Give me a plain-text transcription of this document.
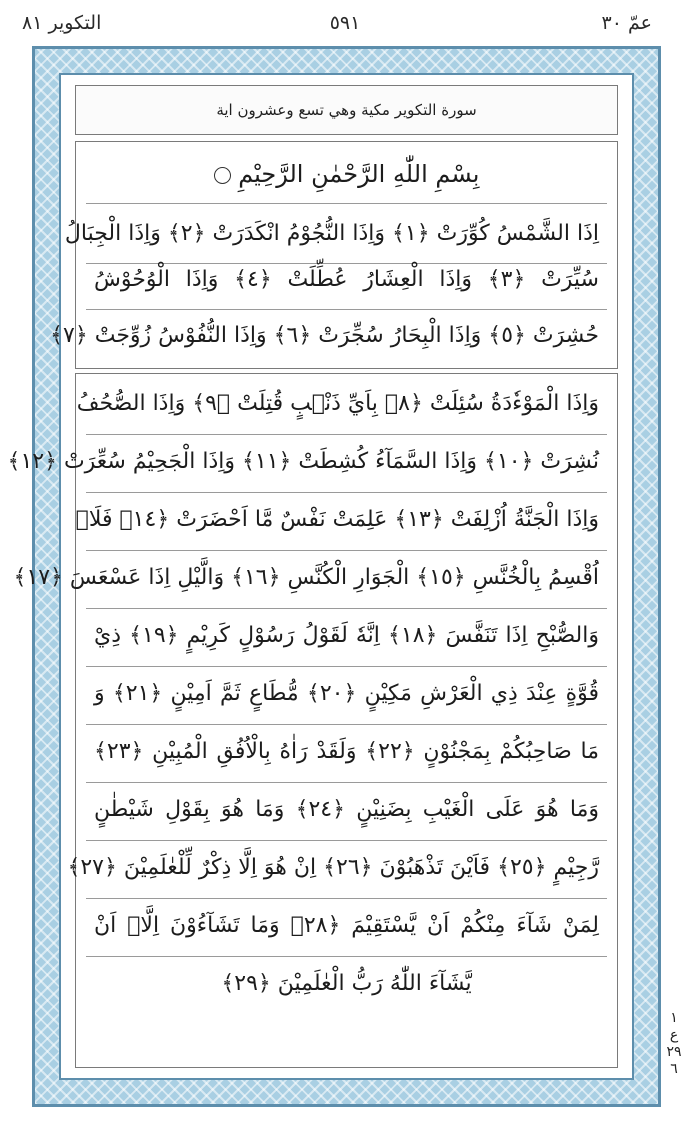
عمّ ٣٠
٥٩١
التكوير ٨١
سورة التكوير مكية وهي تسع وعشرون اية
بِسْمِ اللّٰهِ الرَّحْمٰنِ الرَّحِيْمِ
اِذَا الشَّمْسُ كُوِّرَتْ ﴿١﴾ وَاِذَا النُّجُوْمُ انْكَدَرَتْ ﴿٢﴾ وَاِذَا الْجِبَالُ
سُيِّرَتْ ﴿٣﴾ وَاِذَا الْعِشَارُ عُطِّلَتْ ﴿٤﴾ وَاِذَا الْوُحُوْشُ
حُشِرَتْ ﴿٥﴾ وَاِذَا الْبِحَارُ سُجِّرَتْ ﴿٦﴾ وَاِذَا النُّفُوْسُ زُوِّجَتْ ﴿٧﴾
وَاِذَا الْمَوْءٗدَةُ سُئِلَتْ ﴿٨﴾ بِاَيِّ ذَنْۢبٍ قُتِلَتْ ﴿٩﴾ وَاِذَا الصُّحُفُ
نُشِرَتْ ﴿١٠﴾ وَاِذَا السَّمَآءُ كُشِطَتْ ﴿١١﴾ وَاِذَا الْجَحِيْمُ سُعِّرَتْ ﴿١٢﴾
وَاِذَا الْجَنَّةُ اُزْلِفَتْ ﴿١٣﴾ عَلِمَتْ نَفْسٌ مَّا اَحْضَرَتْ ﴿١٤﴾ فَلَاۤ
اُقْسِمُ بِالْخُنَّسِ ﴿١٥﴾ الْجَوَارِ الْكُنَّسِ ﴿١٦﴾ وَالَّيْلِ اِذَا عَسْعَسَ ﴿١٧﴾
وَالصُّبْحِ اِذَا تَنَفَّسَ ﴿١٨﴾ اِنَّهٗ لَقَوْلُ رَسُوْلٍ كَرِيْمٍ ﴿١٩﴾ ذِيْ
قُوَّةٍ عِنْدَ ذِي الْعَرْشِ مَكِيْنٍ ﴿٢٠﴾ مُّطَاعٍ ثَمَّ اَمِيْنٍ ﴿٢١﴾ وَ
مَا صَاحِبُكُمْ بِمَجْنُوْنٍ ﴿٢٢﴾ وَلَقَدْ رَاٰهُ بِالْاُفُقِ الْمُبِيْنِ ﴿٢٣﴾
وَمَا هُوَ عَلَى الْغَيْبِ بِضَنِيْنٍ ﴿٢٤﴾ وَمَا هُوَ بِقَوْلِ شَيْطٰنٍ
رَّجِيْمٍ ﴿٢٥﴾ فَاَيْنَ تَذْهَبُوْنَ ﴿٢٦﴾ اِنْ هُوَ اِلَّا ذِكْرٌ لِّلْعٰلَمِيْنَ ﴿٢٧﴾
لِمَنْ شَآءَ مِنْكُمْ اَنْ يَّسْتَقِيْمَ ﴿٢٨﴾ وَمَا تَشَآءُوْنَ اِلَّاۤ اَنْ
يَّشَآءَ اللّٰهُ رَبُّ الْعٰلَمِيْنَ ﴿٢٩﴾
١
ع
٢٩
٦
